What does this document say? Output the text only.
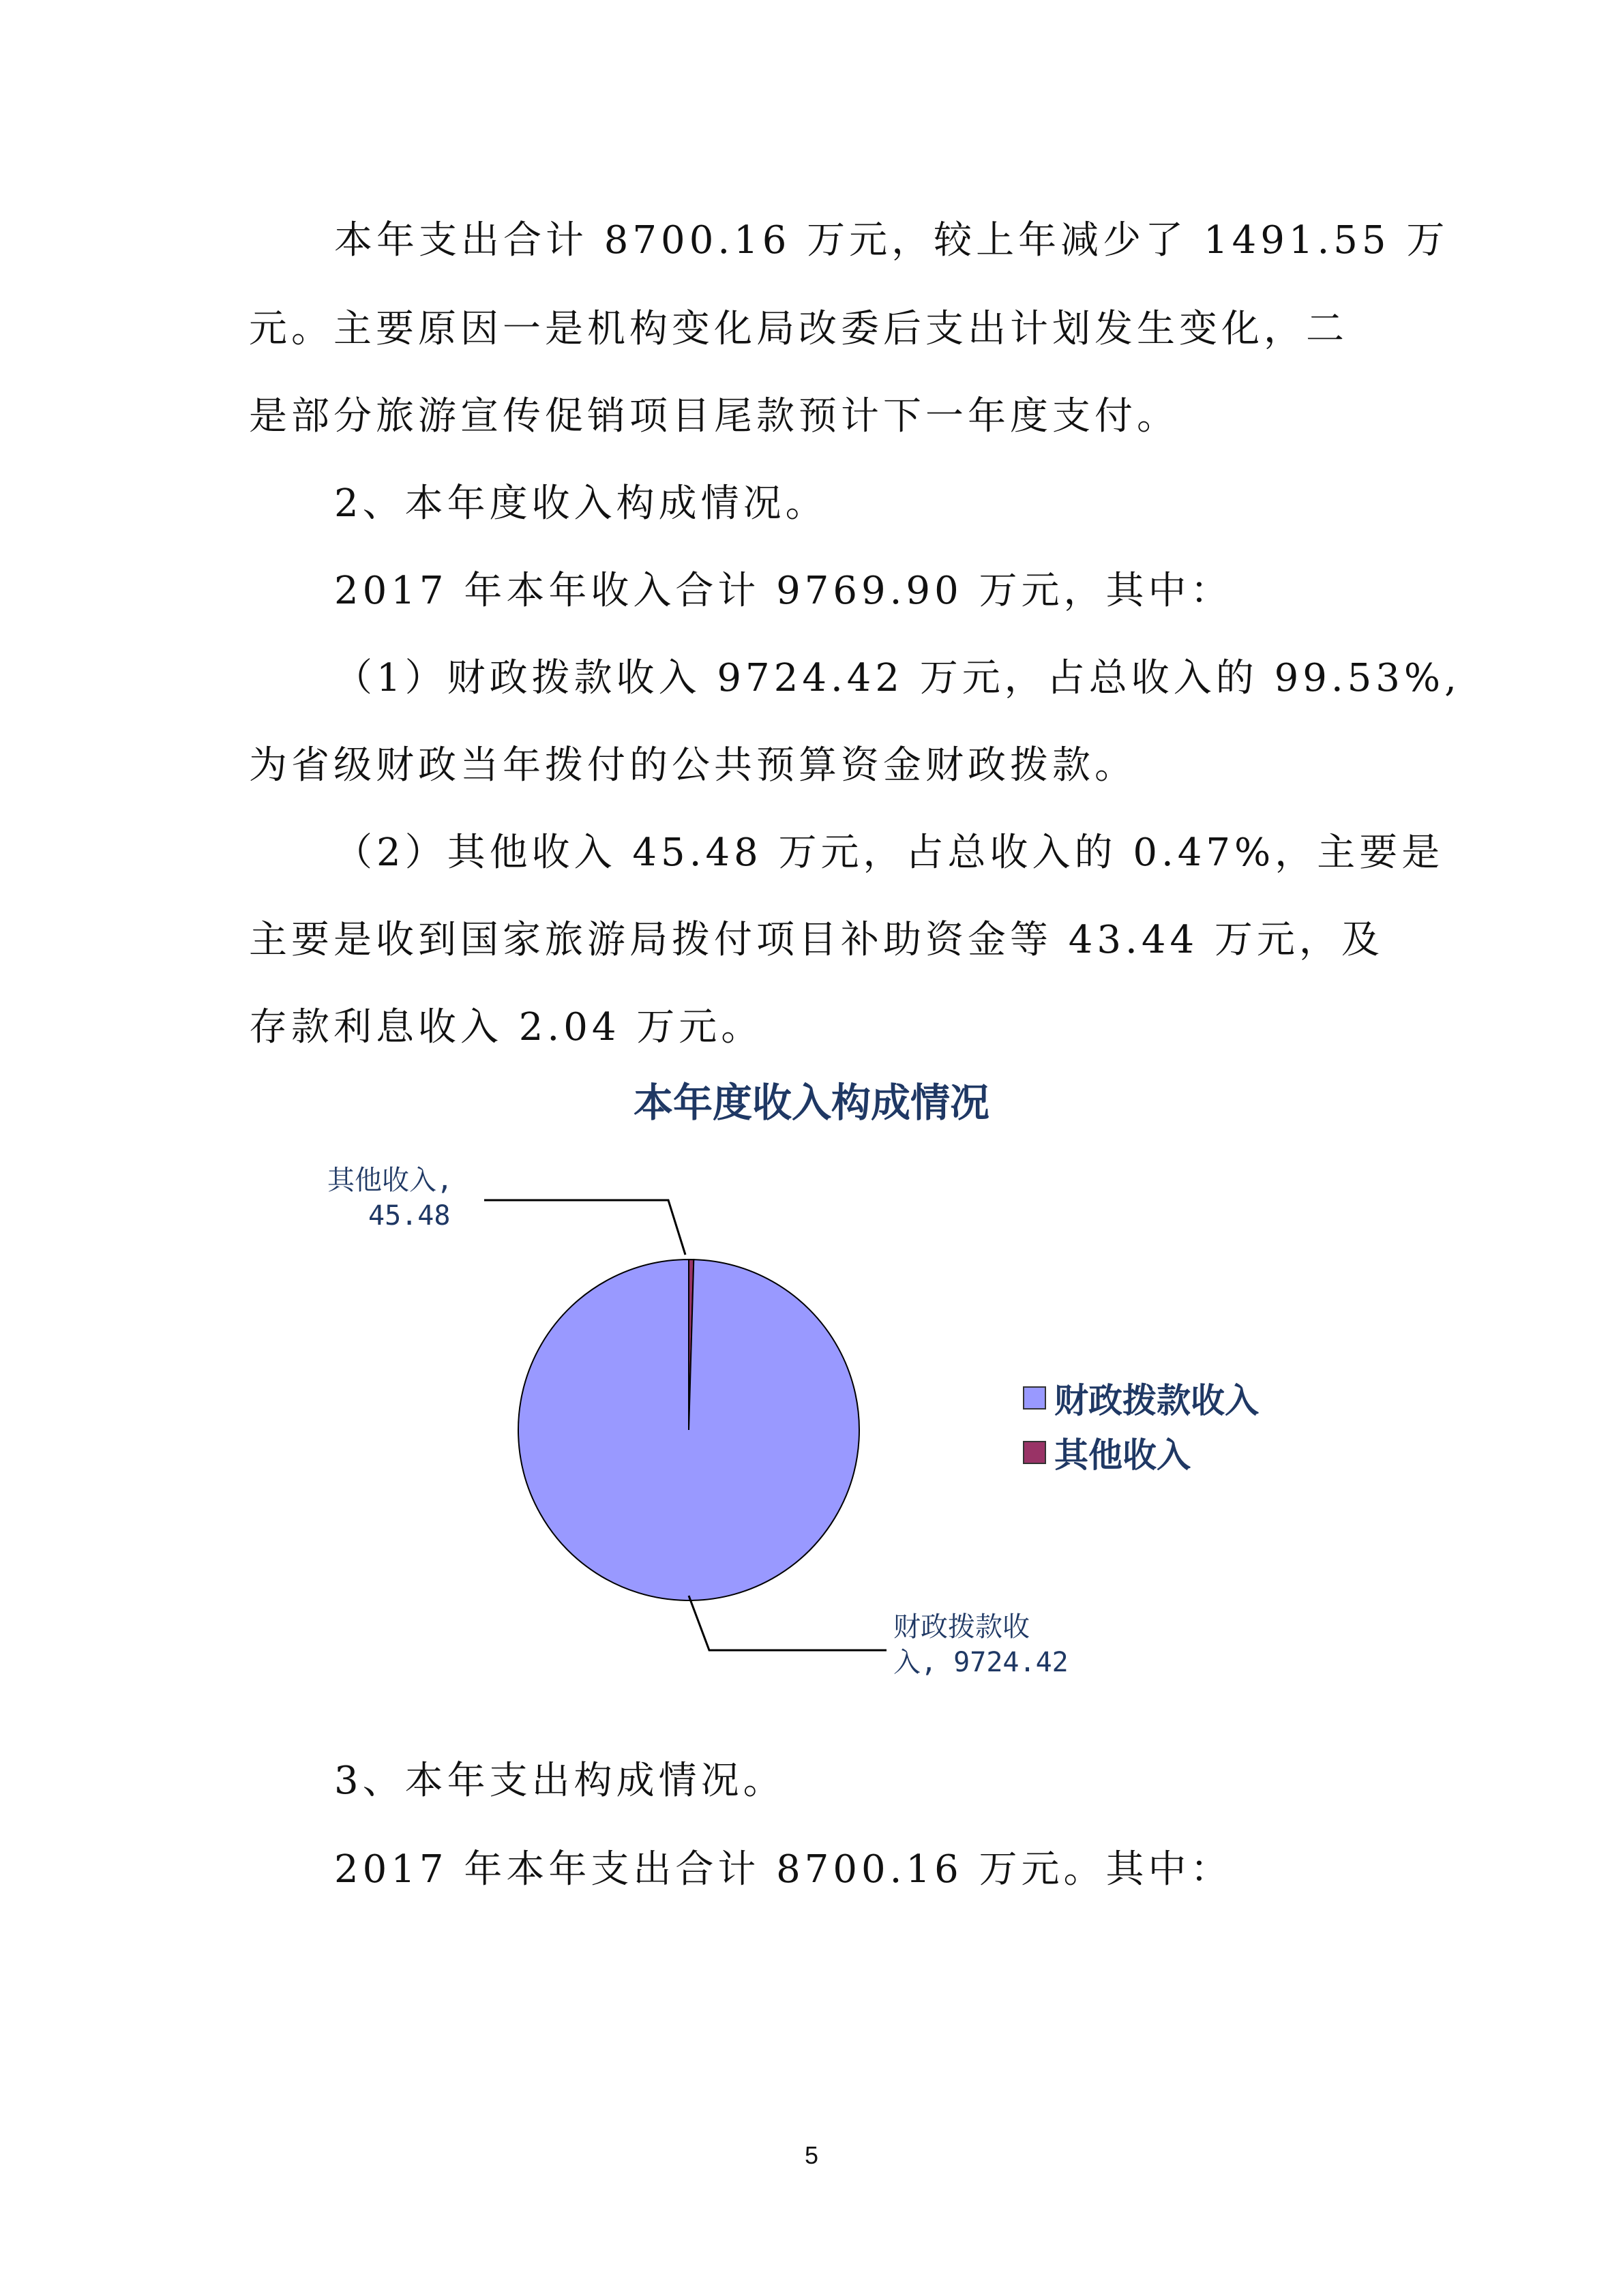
本年支出合计 8700.16 万元，较上年减少了 1491.55 万
元。主要原因一是机构变化局改委后支出计划发生变化，二
是部分旅游宣传促销项目尾款预计下一年度支付。
2、本年度收入构成情况。
2017 年本年收入合计 9769.90 万元，其中：
（1）财政拨款收入 9724.42 万元，占总收入的 99.53%,
为省级财政当年拨付的公共预算资金财政拨款。
（2）其他收入 45.48 万元，占总收入的 0.47%，主要是
主要是收到国家旅游局拨付项目补助资金等 43.44 万元，及
存款利息收入 2.04 万元。
本年度收入构成情况
其他收入,
45.48
财政拨款收
入, 9724.42
财政拨款收入
其他收入
3、本年支出构成情况。
2017 年本年支出合计 8700.16 万元。其中：
5
